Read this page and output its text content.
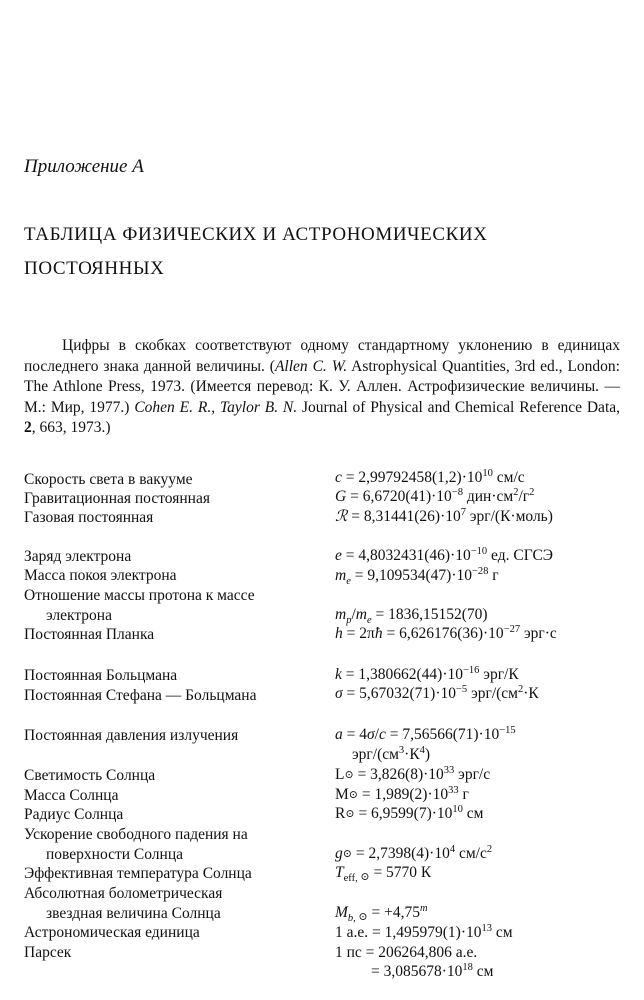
Приложение А
ТАБЛИЦА ФИЗИЧЕСКИХ И АСТРОНОМИЧЕСКИХ
ПОСТОЯННЫХ
Цифры в скобках соответствуют одному стандартному уклонению в единицах последнего знака данной величины. (Allen C. W. Astrophysical Quantities, 3rd ed., London: The Athlone Press, 1973. (Имеется перевод: К. У. Аллен. Астрофизические величины. — М.: Мир, 1977.) Cohen E. R., Taylor B. N. Journal of Physical and Chemical Reference Data, 2, 663, 1973.)
Скорость света в вакууме
Гравитационная постоянная
Газовая постоянная
Заряд электрона
Масса покоя электрона
Отношение массы протона к массе
электрона
Постоянная Планка
Постоянная Больцмана
Постоянная Стефана — Больцмана
Постоянная давления излучения
Светимость Солнца
Масса Солнца
Радиус Солнца
Ускорение свободного падения на
поверхности Солнца
Эффективная температура Солнца
Абсолютная болометрическая
звездная величина Солнца
Астрономическая единица
Парсек
$c = 2,99792458(1,2)\cdot 10^{10}$ см/с
$G = 6,6720(41)\cdot 10^{-8}$ $дин\cdot см^2/г^2$
ℛ = $8,31441(26)\cdot 10^7$ эрг/(К·моль)
$e = 4,8032431(46)\cdot 10^{-10}$ ед. СГСЭ
$m_e = 9,109534(47)\cdot 10^{-28}$ г
$m_p/m_e = 1836,15152(70)$
h = 2πħ = $6,626176(36)\cdot 10^{-27}$ эрг·с
$k = 1,380662(44)\cdot 10^{-16}$ эрг/К
$\sigma = 5,67032(71)\cdot 10^{-5}$ эрг/($см^2\cdot К$
$a = 4\sigma/c = 7,56566(71)\cdot 10^{-15}$
эрг/$(см^3\cdot К^4)$
$L_⊙ = 3,826(8)\cdot 10^{33}$ эрг/с
$M_⊙ = 1,989(2)\cdot 10^{33}$ г
$R_⊙ = 6,9599(7)\cdot 10^{10}$ см
$g_⊙ = 2,7398(4)\cdot 10^4$ $см/с^2$
$T_{eff, ⊙} = 5770$ К
$M_{b, ⊙} = +4,75^m$
1 а.е. = $1,495979(1)\cdot 10^{13}$ см
1 пс = 206264,806 а.е.
= $3,085678\cdot 10^{18}$ см
